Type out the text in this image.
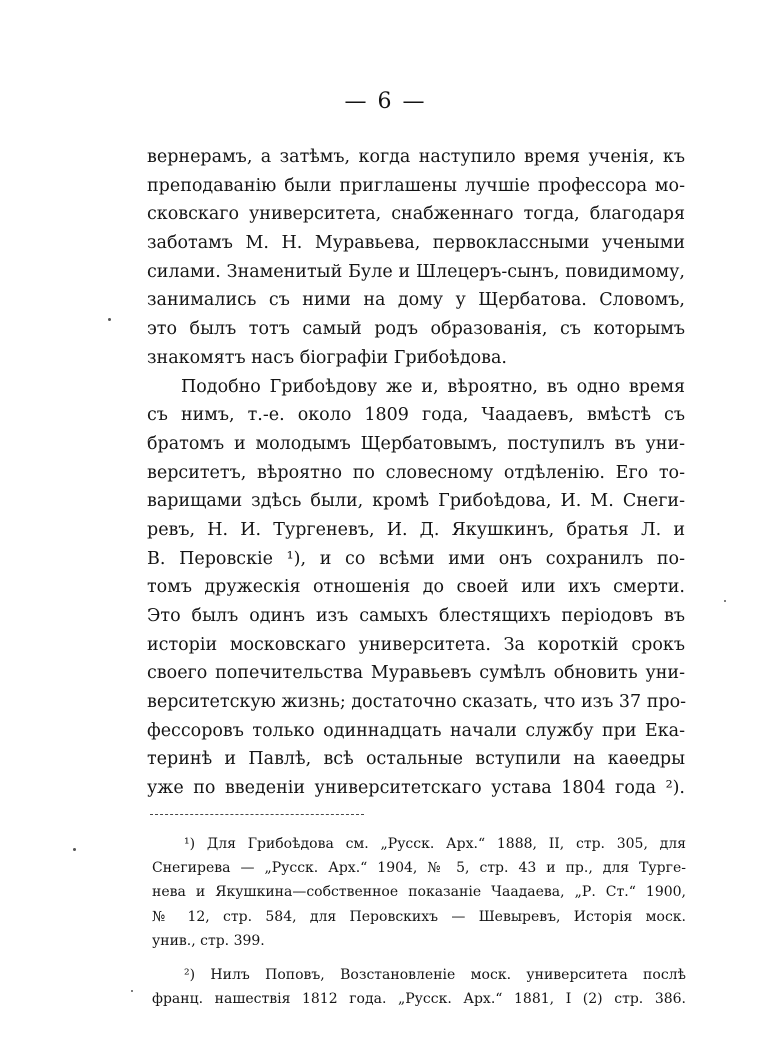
— 6 —
вернерамъ, а затѣмъ, когда наступило время ученія, къ
преподаванію были приглашены лучшіе профессора мо-
сковскаго университета, снабженнаго тогда, благодаря
заботамъ М. Н. Муравьева, первоклассными учеными
силами. Знаменитый Буле и Шлецеръ-сынъ, повидимому,
занимались съ ними на дому у Щербатова. Словомъ,
это былъ тотъ самый родъ образованія, съ которымъ
знакомятъ насъ біографіи Грибоѣдова.
Подобно Грибоѣдову же и, вѣроятно, въ одно время
съ нимъ, т.-е. около 1809 года, Чаадаевъ, вмѣстѣ съ
братомъ и молодымъ Щербатовымъ, поступилъ въ уни-
верситетъ, вѣроятно по словесному отдѣленію. Его то-
варищами здѣсь были, кромѣ Грибоѣдова, И. М. Снеги-
ревъ, Н. И. Тургеневъ, И. Д. Якушкинъ, братья Л. и
В. Перовскіе ¹), и со всѣми ими онъ сохранилъ по-
томъ дружескія отношенія до своей или ихъ смерти.
Это былъ одинъ изъ самыхъ блестящихъ періодовъ въ
исторіи московскаго университета. За короткій срокъ
своего попечительства Муравьевъ сумѣлъ обновить уни-
верситетскую жизнь; достаточно сказать, что изъ 37 про-
фессоровъ только одиннадцать начали службу при Ека-
теринѣ и Павлѣ, всѣ остальные вступили на каѳедры
уже по введеніи университетскаго устава 1804 года ²).
¹) Для Грибоѣдова см. „Русск. Арх.“ 1888, II, стр. 305, для
Снегирева — „Русск. Арх.“ 1904, № 5, стр. 43 и пр., для Турге-
нева и Якушкина—собственное показаніе Чаадаева, „Р. Ст.“ 1900,
№ 12, стр. 584, для Перовскихъ — Шевыревъ, Исторія моск.
унив., стр. 399.
²) Нилъ Поповъ, Возстановленіе моск. университета послѣ
франц. нашествія 1812 года. „Русск. Арх.“ 1881, I (2) стр. 386.
